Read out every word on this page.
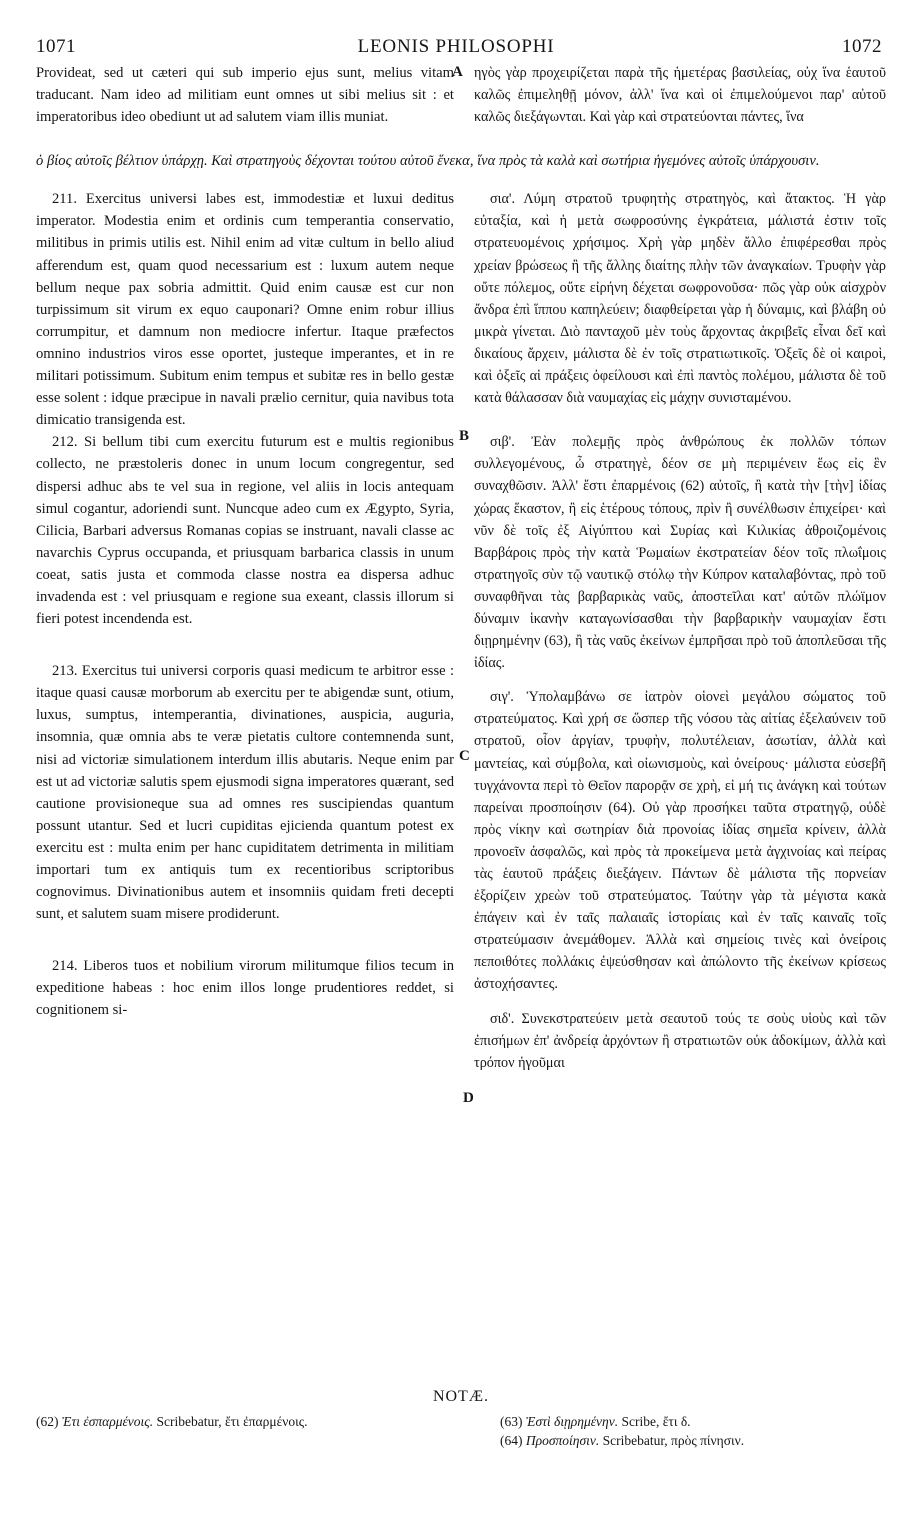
1071	LEONIS PHILOSOPHI	1072

Provideat, sed ut cæteri qui sub imperio ejus sunt, melius vitam traducant. Nam ideo ad militiam eunt omnes ut sibi melius sit : et imperatoribus ideo obediunt ut ad salutem viam illis muniat.

211. Exercitus universi labes est, immodestiæ et luxui deditus imperator. Modestia enim et ordinis cum temperantia conservatio, militibus in primis utilis est. Nihil enim ad vitæ cultum in bello aliud afferendum est, quam quod necessarium est : luxum autem neque bellum neque pax sobria admittit. Quid enim causæ est cur non turpissimum sit virum ex equo cauponari? Omne enim robur illius corrumpitur, et damnum non mediocre infertur. Itaque præfectos omnino industrios viros esse oportet, justeque imperantes, et in re militari potissimum. Subitum enim tempus et subitæ res in bello gestæ esse solent : idque præcipue in navali prælio cernitur, quia navibus tota dimicatio transigenda est.

212. Si bellum tibi cum exercitu futurum est e multis regionibus collecto, ne præstoleris donec in unum locum congregentur, sed dispersi adhuc abs te vel sua in regione, vel aliis in locis antequam simul cogantur, adoriendi sunt. Nuncque adeo cum ex Ægypto, Syria, Cilicia, Barbari adversus Romanas copias se instruant, navali classe ac navarchis Cyprus occupanda, et priusquam barbarica classis in unum coeat, satis justa et commoda classe nostra ea dispersa adhuc invadenda est : vel priusquam e regione sua exeant, classis illorum si fieri potest incendenda est.

213. Exercitus tui universi corporis quasi medicum te arbitror esse : itaque quasi causæ morborum ab exercitu per te abigendæ sunt, otium, luxus, sumptus, intemperantia, divinationes, auspicia, auguria, insomnia, quæ omnia abs te veræ pietatis cultore contemnenda sunt, nisi ad victoriæ simulationem interdum illis abutaris. Neque enim par est ut ad victoriæ salutis spem ejusmodi signa imperatores quærant, sed cautione provisioneque sua ad omnes res suscipiendas quantum possunt utantur. Sed et lucri cupiditas ejicienda quantum potest ex exercitu est : multa enim per hanc cupiditatem detrimenta in militiam importari tum ex antiquis tum ex recentioribus scriptoribus cognovimus. Divinationibus autem et insomniis quidam freti decepti sunt, et salutem suam misere prodiderunt.

214. Liberos tuos et nobilium virorum militumque filios tecum in expeditione habeas : hoc enim illos longe prudentiores reddet, si cognitionem si-

ὁ βίος αὐτοῖς βέλτιον ὑπάρχῃ. Καὶ στρατηγοὺς δέχονται τούτου αὐτοῦ ἕνεκα, ἵνα πρὸς τὰ καλὰ καὶ σωτήρια ἡγεμόνες αὐτοῖς ὑπάρχουσιν.

ηγὸς γὰρ προχειρίζεται παρὰ τῆς ἡμετέρας βασιλείας, οὐχ ἵνα ἑαυτοῦ καλῶς ἐπιμεληθῇ μόνον, ἀλλ' ἵνα καὶ οἱ ἐπιμελούμενοι παρ' αὐτοῦ καλῶς διεξάγωνται. Καὶ γὰρ καὶ στρατεύονται πάντες, ἵνα

σια'. Λύμη στρατοῦ τρυφητὴς στρατηγὸς, καὶ ἄτακτος. Ἡ γὰρ εὐταξία, καὶ ἡ μετὰ σωφροσύνης ἐγκράτεια, μάλιστά ἐστιν τοῖς στρατευομένοις χρήσιμος. Χρὴ γὰρ μηδὲν ἄλλο ἐπιφέρεσθαι πρὸς χρείαν βρώσεως ἢ τῆς ἄλλης διαίτης πλὴν τῶν ἀναγκαίων. Τρυφὴν γὰρ οὔτε πόλεμος, οὔτε εἰρήνη δέχεται σωφρονοῦσα· πῶς γὰρ οὐκ αἰσχρὸν ἄνδρα ἐπὶ ἵππου καπηλεύειν; διαφθείρεται γὰρ ἡ δύναμις, καὶ βλάβη οὐ μικρὰ γίνεται. Διὸ πανταχοῦ μὲν τοὺς ἄρχοντας ἀκριβεῖς εἶναι δεῖ καὶ δικαίους ἄρχειν, μάλιστα δὲ ἐν τοῖς στρατιωτικοῖς. Ὀξεῖς δὲ οἱ καιροὶ, καὶ ὀξεῖς αἱ πράξεις ὀφείλουσι καὶ ἐπὶ παντὸς πολέμου, μάλιστα δὲ τοῦ κατὰ θάλασσαν διὰ ναυμαχίας εἰς μάχην συνισταμένου.

σιβ'. Ἐὰν πολεμῇς πρὸς ἀνθρώπους ἐκ πολλῶν τόπων συλλεγομένους, ὦ στρατηγὲ, δέον σε μὴ περιμένειν ἕως εἰς ἓν συναχθῶσιν. Ἀλλ' ἔστι ἐπαρμένοις (62) αὐτοῖς, ἢ κατὰ τὴν [τὴν] ἰδίας χώρας ἕκαστον, ἢ εἰς ἑτέρους τόπους, πρὶν ἢ συνέλθωσιν ἐπιχείρει· καὶ νῦν δὲ τοῖς ἐξ Αἰγύπτου καὶ Συρίας καὶ Κιλικίας ἀθροιζομένοις Βαρβάροις πρὸς τὴν κατὰ Ῥωμαίων ἐκστρατείαν δέον τοῖς πλωΐμοις στρατηγοῖς σὺν τῷ ναυτικῷ στόλῳ τὴν Κύπρον καταλαβόντας, πρὸ τοῦ συναφθῆναι τὰς βαρβαρικὰς ναῦς, ἀποστεῖλαι κατ' αὐτῶν πλώϊμον δύναμιν ἱκανὴν καταγωνίσασθαι τὴν βαρβαρικὴν ναυμαχίαν ἔστι διῃρημένην (63), ἢ τὰς ναῦς ἐκείνων ἐμπρῆσαι πρὸ τοῦ ἀποπλεῦσαι τῆς ἰδίας.

σιγ'. Ὑπολαμβάνω σε ἰατρὸν οἱονεὶ μεγάλου σώματος τοῦ στρατεύματος. Καὶ χρή σε ὥσπερ τῆς νόσου τὰς αἰτίας ἐξελαύνειν τοῦ στρατοῦ, οἷον ἀργίαν, τρυφὴν, πολυτέλειαν, ἀσωτίαν, ἀλλὰ καὶ μαντείας, καὶ σύμβολα, καὶ οἰωνισμοὺς, καὶ ὀνείρους· μάλιστα εὐσεβῆ τυγχάνοντα περὶ τὸ Θεῖον παρορᾷν σε χρὴ, εἰ μή τις ἀνάγκη καὶ τούτων παρείναι προσποίησιν (64). Οὐ γὰρ προσήκει ταῦτα στρατηγῷ, οὐδὲ πρὸς νίκην καὶ σωτηρίαν διὰ προνοίας ἰδίας σημεῖα κρίνειν, ἀλλὰ προνοεῖν ἀσφαλῶς, καὶ πρὸς τὰ προκείμενα μετὰ ἀγχινοίας καὶ πείρας τὰς ἑαυτοῦ πράξεις διεξάγειν. Πάντων δὲ μάλιστα τῆς πορνείαν ἐξορίζειν χρεὼν τοῦ στρατεύματος. Ταύτην γὰρ τὰ μέγιστα κακὰ ἐπάγειν καὶ ἐν ταῖς παλαιαῖς ἱστορίαις καὶ ἐν ταῖς καιναῖς τοῖς στρατεύμασιν ἀνεμάθομεν. Ἀλλὰ καὶ σημείοις τινὲς καὶ ὀνείροις πεποιθότες πολλάκις ἐψεύσθησαν καὶ ἀπώλοντο τῆς ἐκείνων κρίσεως ἀστοχήσαντες.

σιδ'. Συνεκστρατεύειν μετὰ σεαυτοῦ τούς τε σοὺς υἱοὺς καὶ τῶν ἐπισήμων ἐπ' ἀνδρείᾳ ἀρχόντων ἢ στρατιωτῶν οὐκ ἀδοκίμων, ἀλλὰ καὶ τρόπον ἡγοῦμαι

A
B
C
D
NOTÆ.

(62) Ἐτι ἐσπαρμένοις. Scribebatur, ἔτι ἐπαρμένοις.	(63) Ἐστὶ διῃρημένην. Scribe, ἔτι δ.

(64) Προσποίησιν. Scribebatur, πρὸς πίνησιν.
